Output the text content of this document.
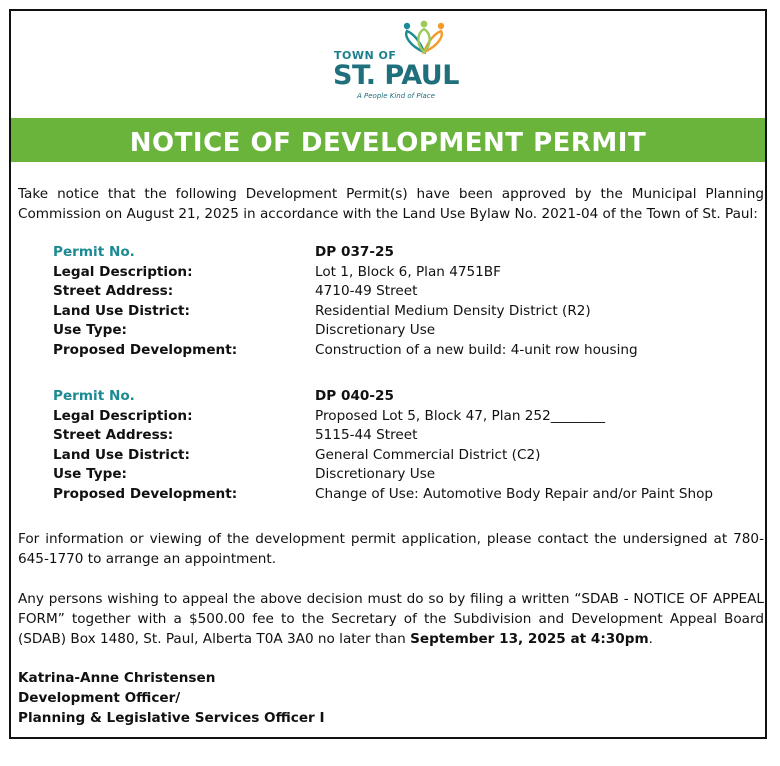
TOWN OF
ST. PAUL
A People Kind of Place
NOTICE OF DEVELOPMENT PERMIT
Take notice that the following Development Permit(s) have been approved by the Municipal Planning Commission on August 21, 2025 in accordance with the Land Use Bylaw No. 2021-04 of the Town of St. Paul:
Permit No.	DP 037-25
Legal Description:	Lot 1, Block 6, Plan 4751BF
Street Address:	4710-49 Street
Land Use District:	Residential Medium Density District (R2)
Use Type:	Discretionary Use
Proposed Development:	Construction of a new build: 4-unit row housing
Permit No.	DP 040-25
Legal Description:	Proposed Lot 5, Block 47, Plan 252________
Street Address:	5115-44 Street
Land Use District:	General Commercial District (C2)
Use Type:	Discretionary Use
Proposed Development:	Change of Use: Automotive Body Repair and/or Paint Shop
For information or viewing of the development permit application, please contact the undersigned at 780-645-1770 to arrange an appointment.
Any persons wishing to appeal the above decision must do so by filing a written “SDAB - NOTICE OF APPEAL FORM” together with a $500.00 fee to the Secretary of the Subdivision and Development Appeal Board (SDAB) Box 1480, St. Paul, Alberta T0A 3A0 no later than September 13, 2025 at 4:30pm.
Katrina-Anne Christensen
Development Officer/
Planning & Legislative Services Officer I
